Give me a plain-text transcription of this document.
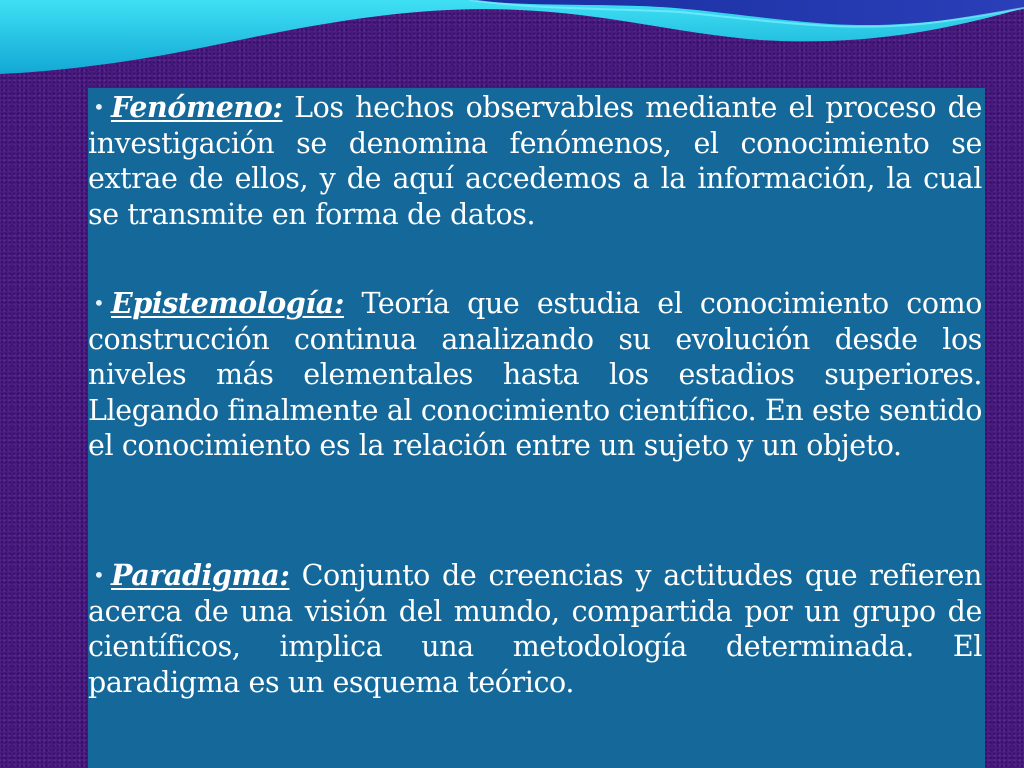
• Fenómeno: Los hechos observables mediante el proceso de investigación se denomina fenómenos, el conocimiento se extrae de ellos, y de aquí accedemos a la información, la cual se transmite en forma de datos.
• Epistemología: Teoría que estudia el conocimiento como construcción continua analizando su evolución desde los niveles más elementales hasta los estadios superiores. Llegando finalmente al conocimiento científico. En este sentido el conocimiento es la relación entre un sujeto y un objeto.
• Paradigma: Conjunto de creencias y actitudes que refieren acerca de una visión del mundo, compartida por un grupo de científicos, implica una metodología determinada. El paradigma es un esquema teórico.
